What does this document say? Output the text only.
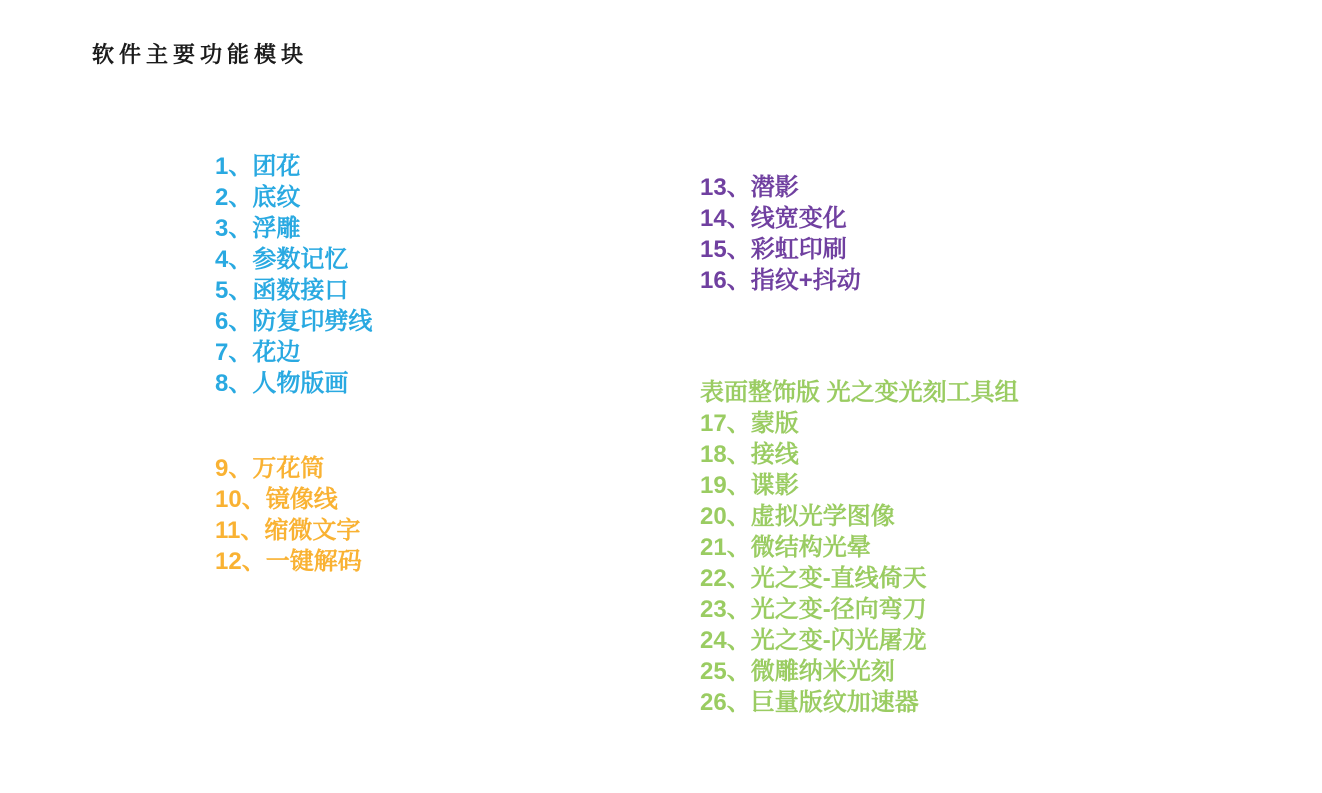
软件主要功能模块
1、团花
2、底纹
3、浮雕
4、参数记忆
5、函数接口
6、防复印劈线
7、花边
8、人物版画
9、万花筒
10、镜像线
11、缩微文字
12、一键解码
13、潜影
14、线宽变化
15、彩虹印刷
16、指纹+抖动
表面整饰版 光之变光刻工具组
17、蒙版
18、接线
19、谍影
20、虚拟光学图像
21、微结构光晕
22、光之变-直线倚天
23、光之变-径向弯刀
24、光之变-闪光屠龙
25、微雕纳米光刻
26、巨量版纹加速器
